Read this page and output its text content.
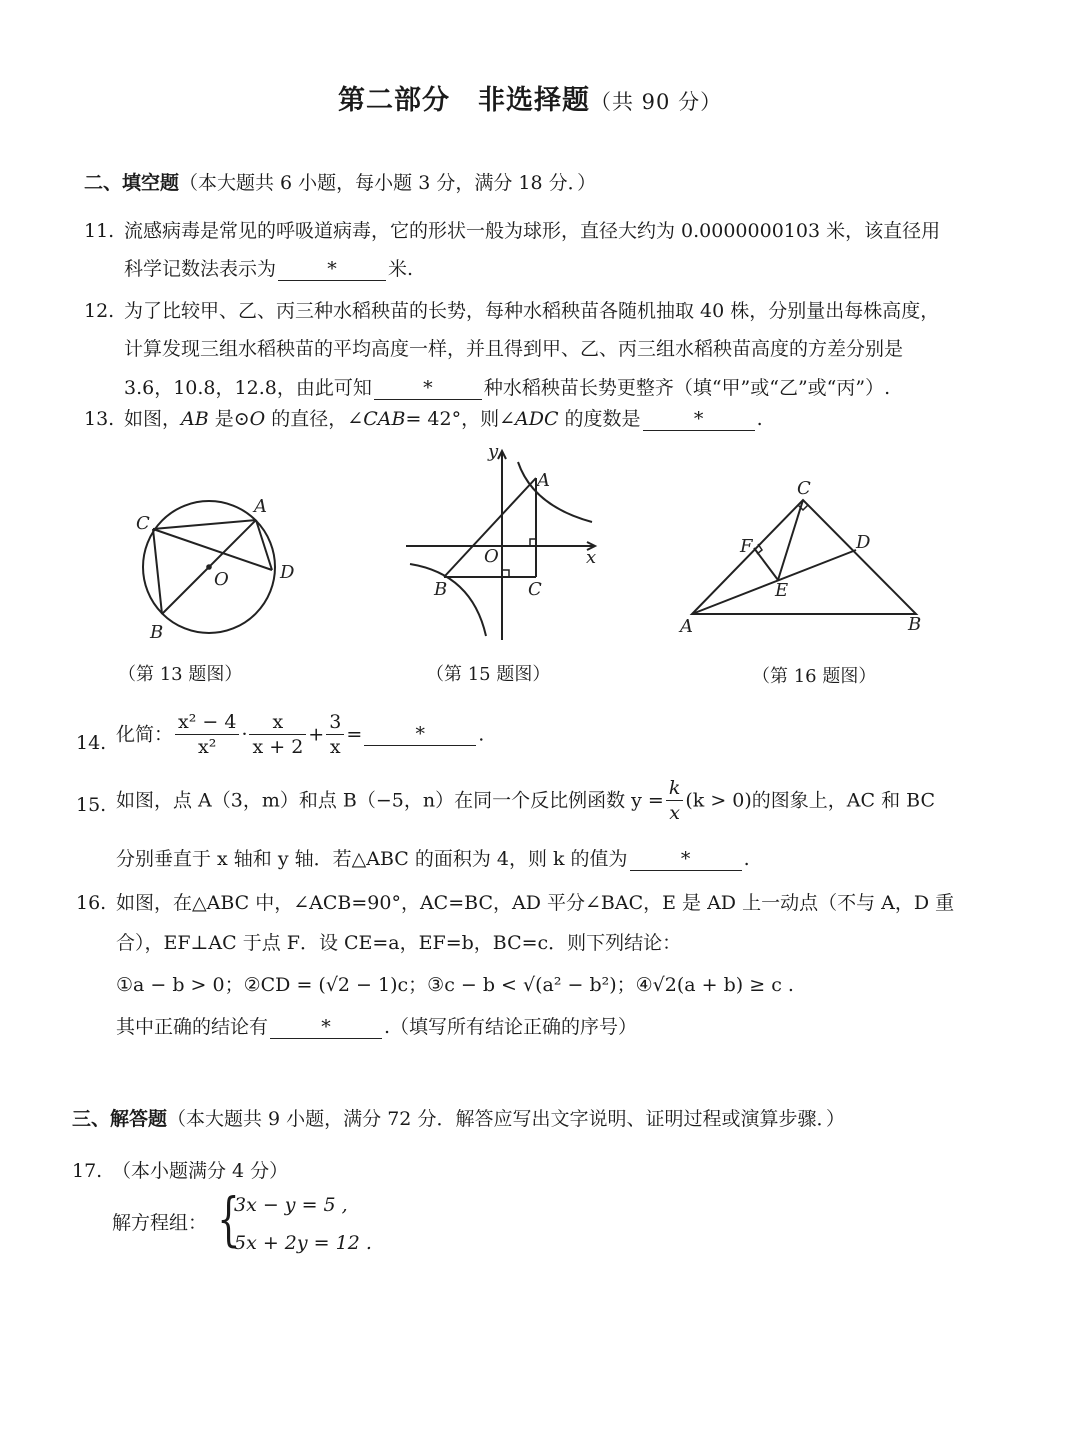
第二部分　非选择题（共 90 分）
二、填空题（本大题共 6 小题，每小题 3 分，满分 18 分．）
11. 流感病毒是常见的呼吸道病毒，它的形状一般为球形，直径大约为 0.0000000103 米，该直径用
科学记数法表示为	*	米.
12. 为了比较甲、乙、丙三种水稻秧苗的长势，每种水稻秧苗各随机抽取 40 株，分别量出每株高度，
计算发现三组水稻秧苗的平均高度一样，并且得到甲、乙、丙三组水稻秧苗高度的方差分别是
3.6，10.8，12.8，由此可知	*	种水稻秧苗长势更整齐（填“甲”或“乙”或“丙”）.
13. 如图，AB 是⊙O 的直径，∠CAB= 42°，则∠ADC 的度数是	*	.
C
A
D
O
B
（第 13 题图）
y
A
O	x
B	C
（第 15 题图）
C
F	D
E
A	B
（第 16 题图）
14. 化简： $\frac{\text{x² − 4}}{\text{x²}} \cdot \frac{x}{x + 2} + \frac{3}{x}$ =	*	.
15. 如图，点 A（3，m）和点 B（−5，n）在同一个反比例函数 $y = \frac{k}{x} (k > 0)$的图象上，AC 和 BC
分别垂直于 x 轴和 y 轴．若△ABC 的面积为 4，则 k 的值为	*	.
16. 如图，在△ABC 中，∠ACB=90°，AC=BC，AD 平分∠BAC，E 是 AD 上一动点（不与 A，D 重
合），EF⊥AC 于点 F．设 CE=a，EF=b，BC=c．则下列结论：
①a − b > 0；②CD = (√2 − 1)c；③c − b < √(a² − b²)；④√2(a + b) ≥ c .
其中正确的结论有	*	.（填写所有结论正确的序号）
三、解答题（本大题共 9 小题，满分 72 分．解答应写出文字说明、证明过程或演算步骤．）
17. （本小题满分 4 分）
解方程组： {
3x − y = 5 ,
5x + 2y = 12 .
